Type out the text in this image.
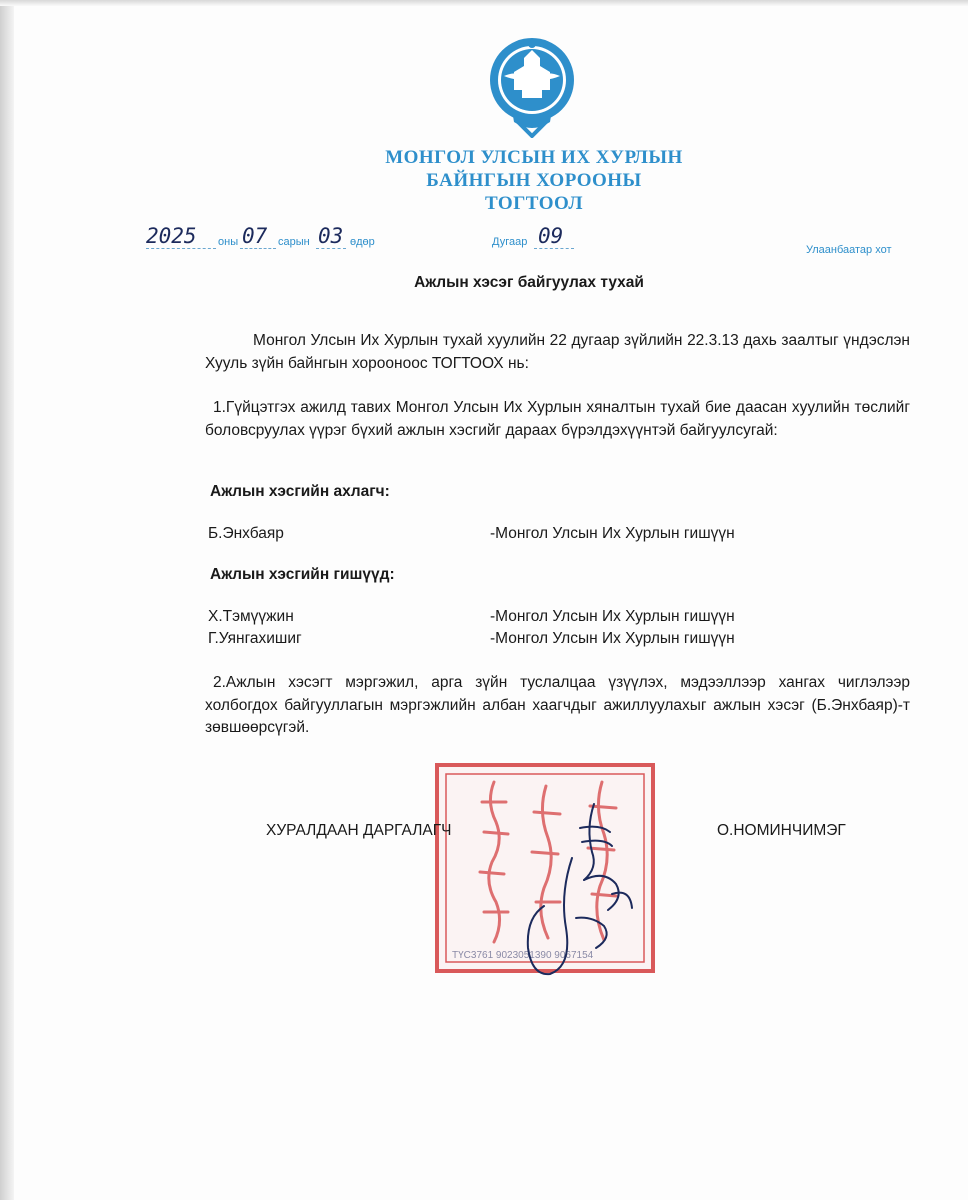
МОНГОЛ УЛСЫН ИХ ХУРЛЫН
БАЙНГЫН ХОРООНЫ
ТОГТООЛ
2025 оны 07 сарын 03 өдөр	Дугаар 09
Улаанбаатар хот
Ажлын хэсэг байгуулах тухай
Монгол Улсын Их Хурлын тухай хуулийн 22 дугаар зүйлийн 22.3.13 дахь заалтыг үндэслэн Хууль зүйн байнгын хорооноос ТОГТООХ нь:
1.Гүйцэтгэх ажилд тавих Монгол Улсын Их Хурлын хяналтын тухай бие даасан хуулийн төслийг боловсруулах үүрэг бүхий ажлын хэсгийг дараах бүрэлдэхүүнтэй байгуулсугай:
Ажлын хэсгийн ахлагч:
Б.Энхбаяр	-Монгол Улсын Их Хурлын гишүүн
Ажлын хэсгийн гишүүд:
Х.Тэмүүжин	-Монгол Улсын Их Хурлын гишүүн
Г.Уянгахишиг	-Монгол Улсын Их Хурлын гишүүн
2.Ажлын хэсэгт мэргэжил, арга зүйн туслалцаа үзүүлэх, мэдээллээр хангах чиглэлээр холбогдох байгууллагын мэргэжлийн албан хаагчдыг ажиллуулахыг ажлын хэсэг (Б.Энхбаяр)-т зөвшөөрсүгэй.
ТҮС3761 9023051390 9067154
ХУРАЛДААН ДАРГАЛАГЧ	О.НОМИНЧИМЭГ
